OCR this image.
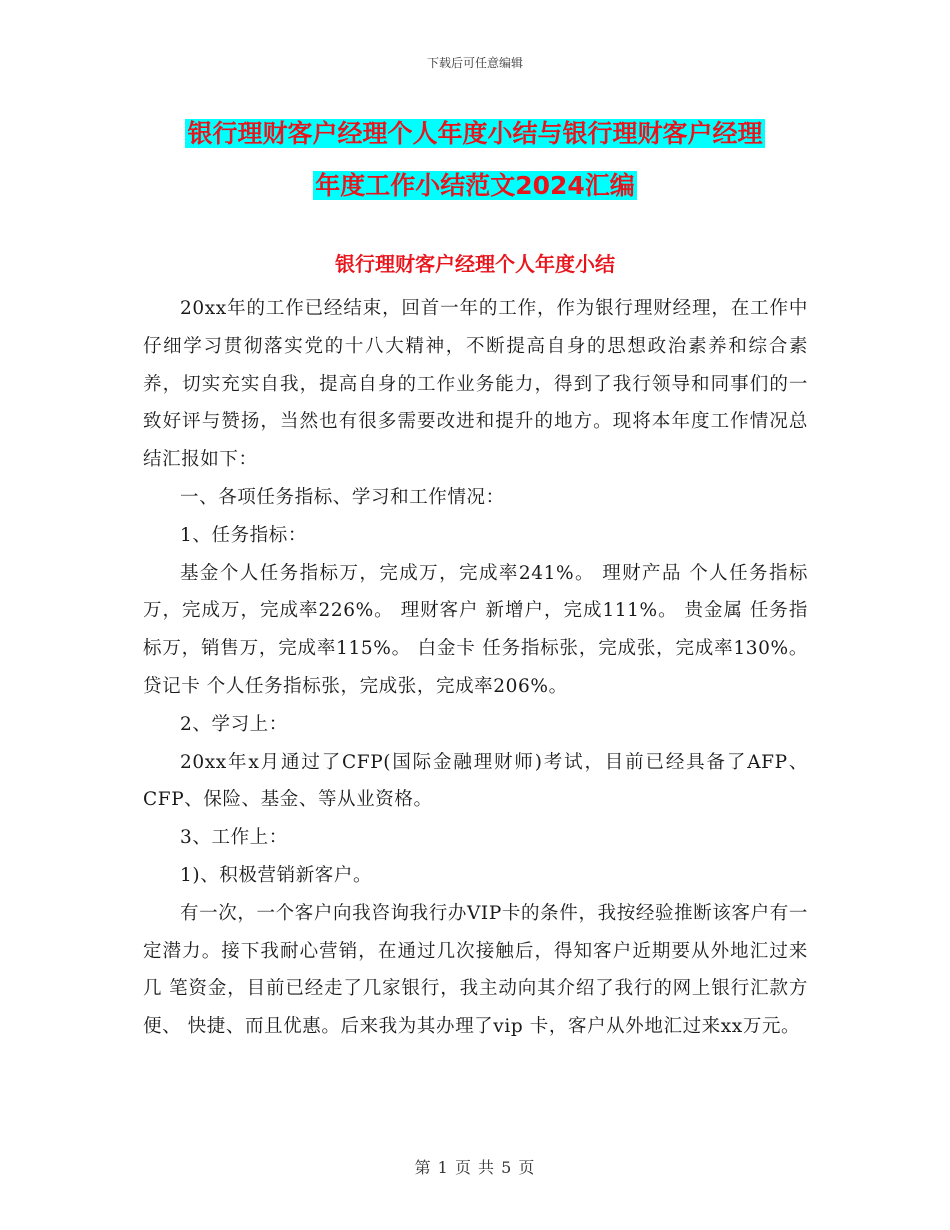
下载后可任意编辑
银行理财客户经理个人年度小结与银行理财客户经理
年度工作小结范文2024汇编
银行理财客户经理个人年度小结

20xx年的工作已经结束，回首一年的工作，作为银行理财经理，在工作中仔细学习贯彻落实党的十八大精神，不断提高自身的思想政治素养和综合素养，切实充实自我，提高自身的工作业务能力，得到了我行领导和同事们的一致好评与赞扬，当然也有很多需要改进和提升的地方。现将本年度工作情况总结汇报如下：

一、各项任务指标、学习和工作情况：

1、任务指标：

基金个人任务指标万，完成万，完成率241%。 理财产品 个人任务指标万，完成万，完成率226%。 理财客户 新增户，完成111%。 贵金属 任务指标万，销售万，完成率115%。 白金卡 任务指标张，完成张，完成率130%。贷记卡 个人任务指标张，完成张，完成率206%。

2、学习上：

20xx年x月通过了CFP(国际金融理财师)考试，目前已经具备了AFP、 CFP、保险、基金、等从业资格。

3、工作上：

1)、积极营销新客户。

有一次，一个客户向我咨询我行办VIP卡的条件，我按经验推断该客户有一 定潜力。接下我耐心营销，在通过几次接触后，得知客户近期要从外地汇过来几 笔资金，目前已经走了几家银行，我主动向其介绍了我行的网上银行汇款方便、 快捷、而且优惠。后来我为其办理了vip 卡，客户从外地汇过来xx万元。

第 1 页 共 5 页
